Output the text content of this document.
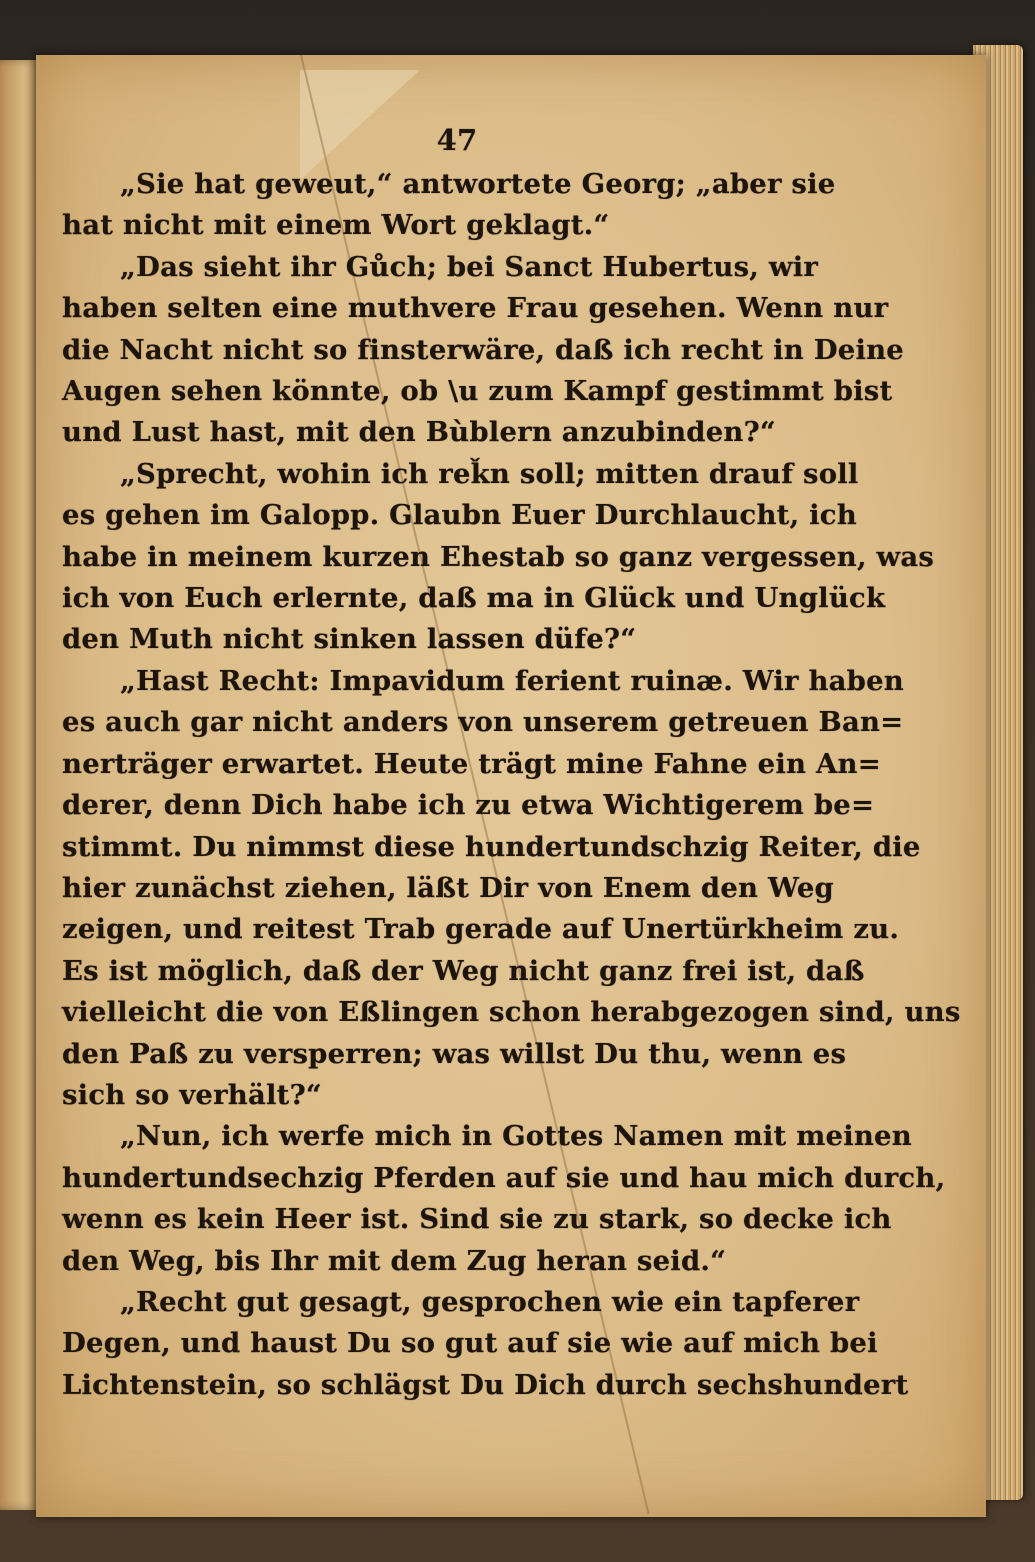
47
„Sie hat gewe⁠ut,“ antwortete Georg; „aber sie
hat nicht mit einem Wort geklagt.“
„Das sieht ihr Gůch; bei Sanct Hubertus, wir
haben selten eine muthvere Frau gesehen. Wenn nur
die Nacht nicht so finsterwäre, daß ich recht in Deine
Augen sehen könnte, ob \u zum Kampf gestimmt bist
und Lust hast, mit den Bùblern anzubinden?“
„Sprecht, wohin ich reǩn soll; mitten drauf soll
es gehen im Galopp. Glaubn Euer Durchlaucht, ich
habe in meinem kurzen Ehestab so ganz vergessen, was
ich von Euch erlernte, daß ma in Glück und Unglück
den Muth nicht sinken lassen düfe?“
„Hast Recht: Impavidum ferient ruinæ. Wir haben
es auch gar nicht anders von unserem getreuen Ban=
nerträger erwartet. Heute trägt mine Fahne ein An=
derer, denn Dich habe ich zu etwa Wichtigerem be=
stimmt. Du nimmst diese hundertundschzig Reiter, die
hier zunächst ziehen, läßt Dir von Enem den Weg
zeigen, und reitest Trab gerade auf Unertürkheim zu.
Es ist möglich, daß der Weg nicht ganz frei ist, daß
vielleicht die von Eßlingen schon herabgezogen sind, uns
den Paß zu versperren; was willst Du thu, wenn es
sich so verhält?“
„Nun, ich werfe mich in Gottes Namen mit meinen
hundertundsechzig Pferden auf sie und hau mich durch,
wenn es kein Heer ist. Sind sie zu stark, so decke ich
den Weg, bis Ihr mit dem Zug heran seid.“
„Recht gut gesagt, gesprochen wie ein tapferer
Degen, und haust Du so gut auf sie wie auf mich bei
Lichtenstein, so schlägst Du Dich durch sechshundert
